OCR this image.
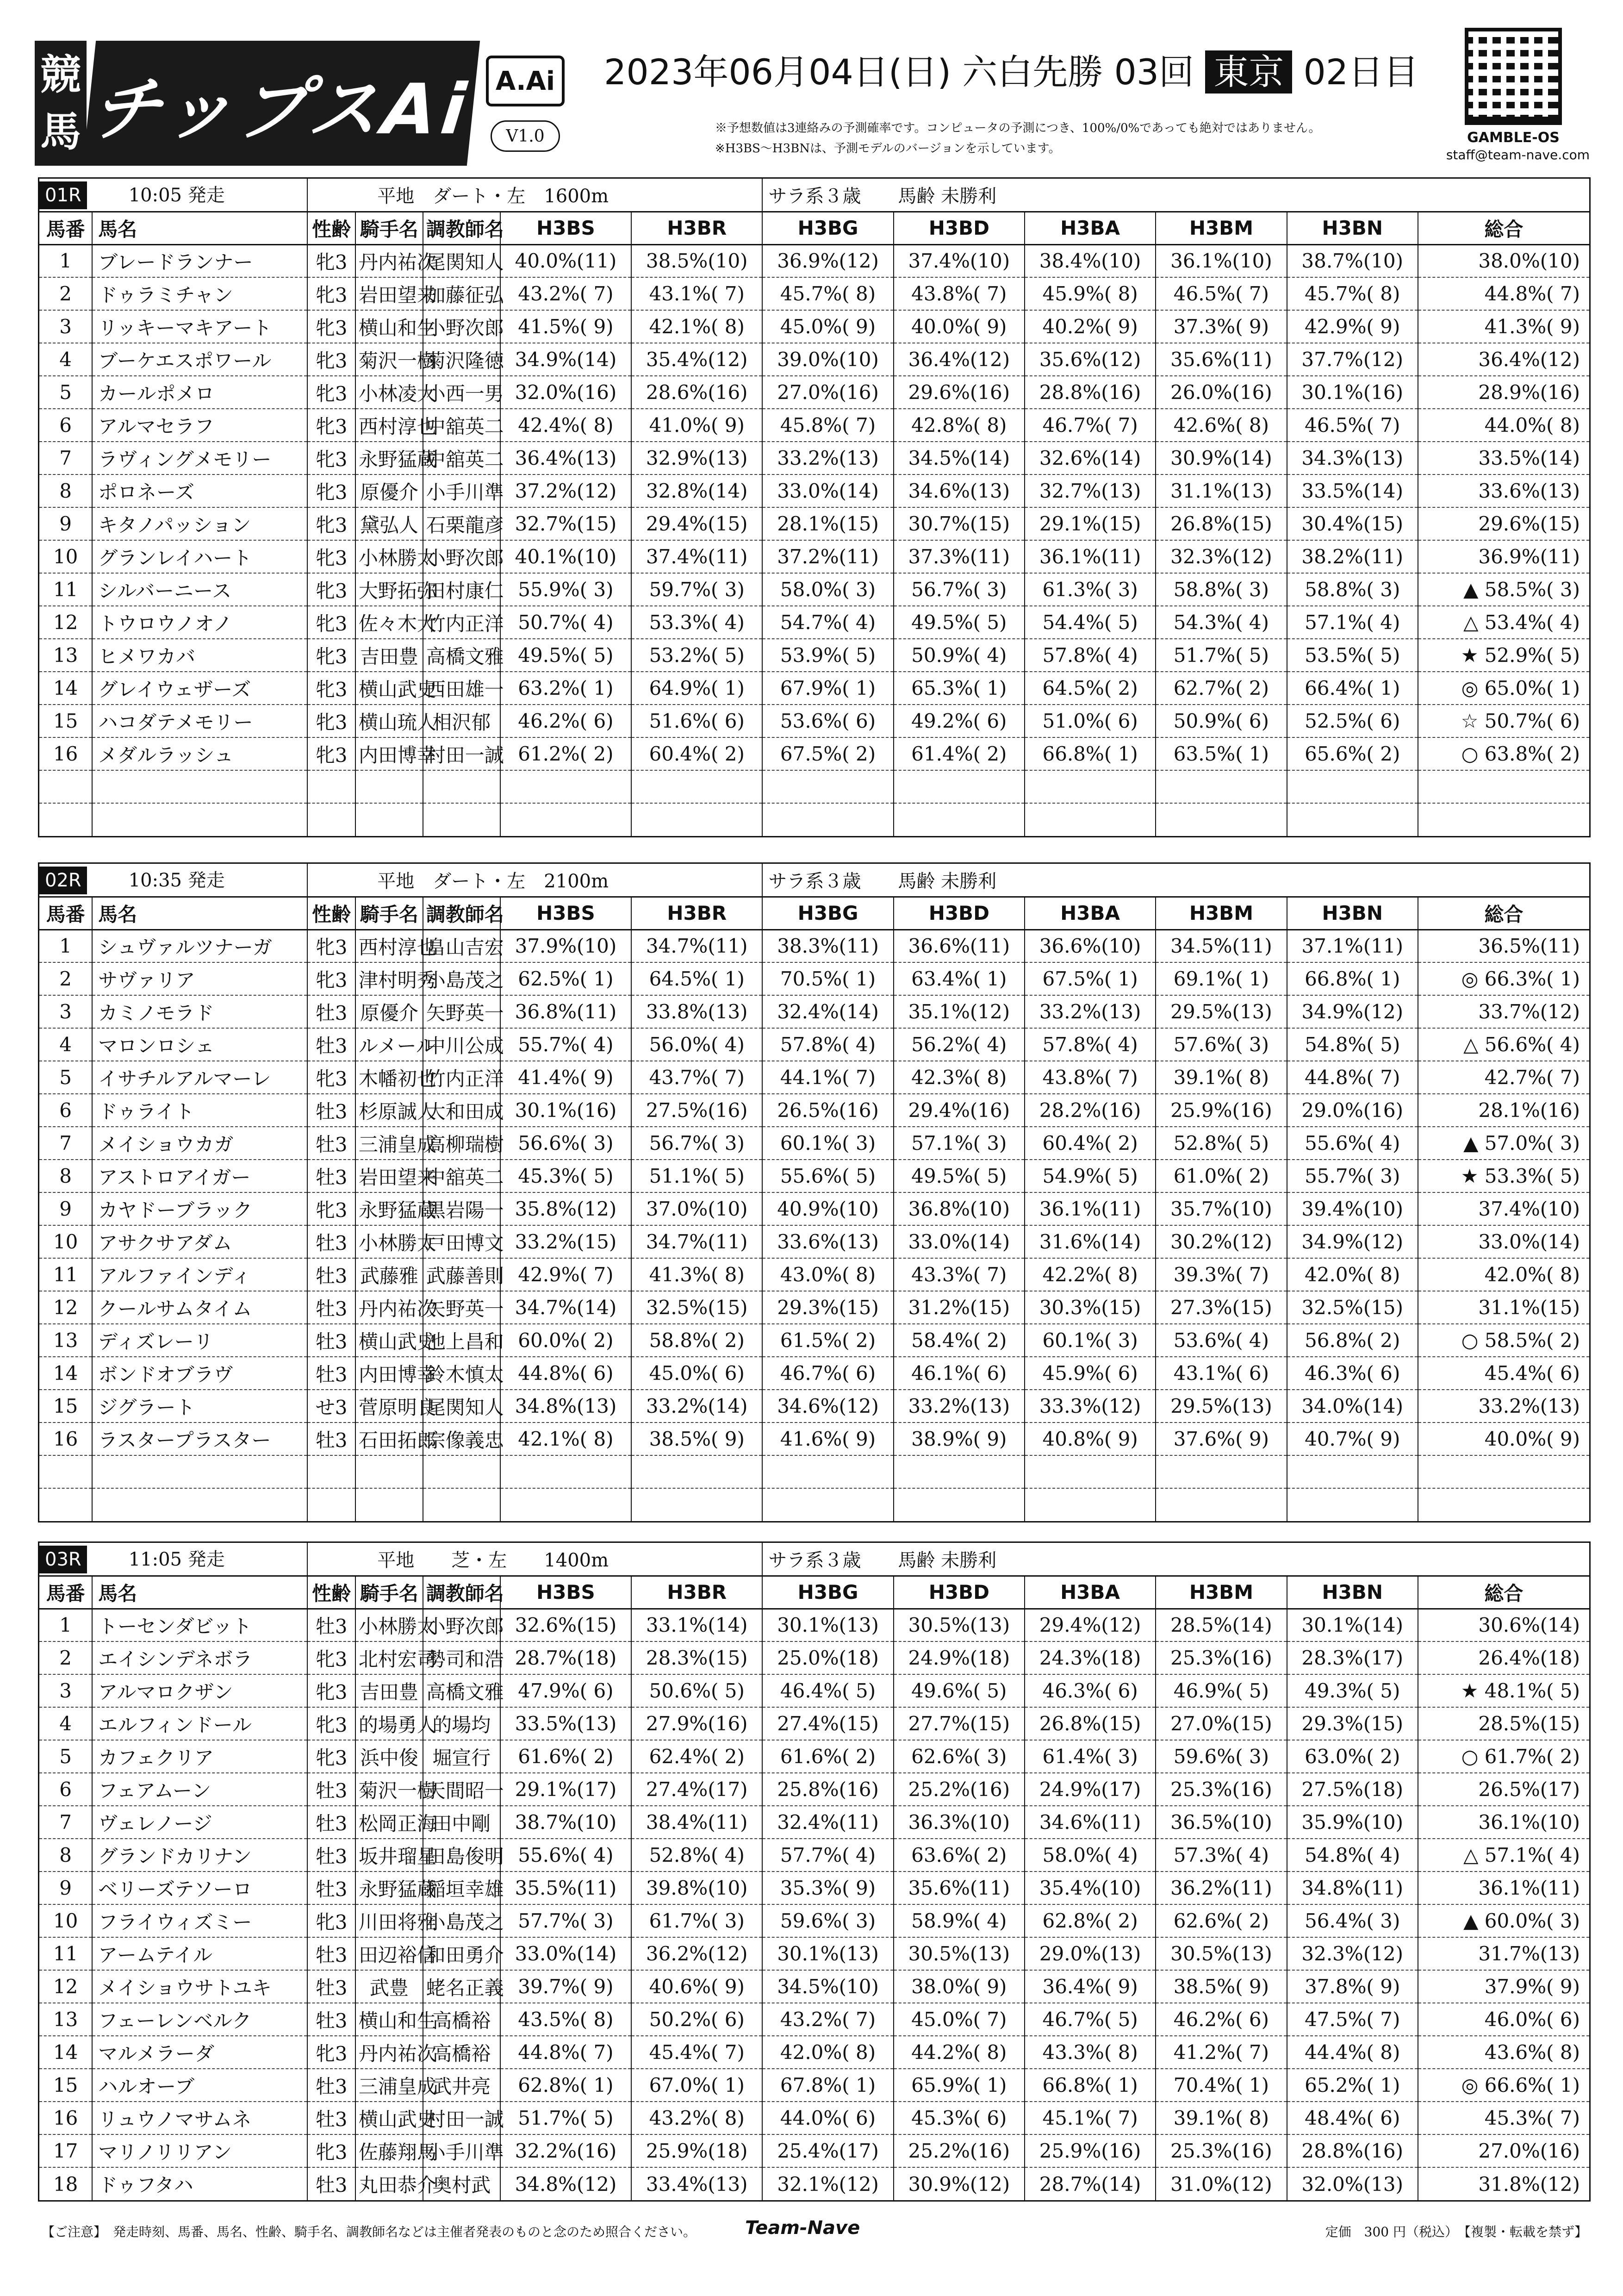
競
馬 チップスAi A.Ai
V1.0
2023年06月04日(日) 六白先勝 03回 東京 02日目
※予想数値は3連絡みの予測確率です。コンピュータの予測につき、100%/0%であっても絶対ではありません。
※H3BS〜H3BNは、予測モデルのバージョンを示しています。
GAMBLE-OS
staff@team-nave.com
01R 10:05 発走		平地　ダート・左　1600m					サラ系３歳　　馬齢 未勝利					
馬番	馬名	性齢	騎手名	調教師名	H3BS	H3BR	H3BG	H3BD	H3BA	H3BM	H3BN	総合
1	ブレードランナー	牝3	丹内祐次	尾関知人	40.0%(11)	38.5%(10)	36.9%(12)	37.4%(10)	38.4%(10)	36.1%(10)	38.7%(10)	38.0%(10)
2	ドゥラミチャン	牝3	岩田望来	加藤征弘	43.2%( 7)	43.1%( 7)	45.7%( 8)	43.8%( 7)	45.9%( 8)	46.5%( 7)	45.7%( 8)	44.8%( 7)
3	リッキーマキアート	牝3	横山和生	小野次郎	41.5%( 9)	42.1%( 8)	45.0%( 9)	40.0%( 9)	40.2%( 9)	37.3%( 9)	42.9%( 9)	41.3%( 9)
4	ブーケエスポワール	牝3	菊沢一樹	菊沢隆徳	34.9%(14)	35.4%(12)	39.0%(10)	36.4%(12)	35.6%(12)	35.6%(11)	37.7%(12)	36.4%(12)
5	カールポメロ	牝3	小林凌大	小西一男	32.0%(16)	28.6%(16)	27.0%(16)	29.6%(16)	28.8%(16)	26.0%(16)	30.1%(16)	28.9%(16)
6	アルマセラフ	牝3	西村淳也	中舘英二	42.4%( 8)	41.0%( 9)	45.8%( 7)	42.8%( 8)	46.7%( 7)	42.6%( 8)	46.5%( 7)	44.0%( 8)
7	ラヴィングメモリー	牝3	永野猛蔵	中舘英二	36.4%(13)	32.9%(13)	33.2%(13)	34.5%(14)	32.6%(14)	30.9%(14)	34.3%(13)	33.5%(14)
8	ポロネーズ	牝3	原優介	小手川準	37.2%(12)	32.8%(14)	33.0%(14)	34.6%(13)	32.7%(13)	31.1%(13)	33.5%(14)	33.6%(13)
9	キタノパッション	牝3	黛弘人	石栗龍彦	32.7%(15)	29.4%(15)	28.1%(15)	30.7%(15)	29.1%(15)	26.8%(15)	30.4%(15)	29.6%(15)
10	グランレイハート	牝3	小林勝太	小野次郎	40.1%(10)	37.4%(11)	37.2%(11)	37.3%(11)	36.1%(11)	32.3%(12)	38.2%(11)	36.9%(11)
11	シルバーニース	牝3	大野拓弥	田村康仁	55.9%( 3)	59.7%( 3)	58.0%( 3)	56.7%( 3)	61.3%( 3)	58.8%( 3)	58.8%( 3)	▲ 58.5%( 3)
12	トウロウノオノ	牝3	佐々木大	竹内正洋	50.7%( 4)	53.3%( 4)	54.7%( 4)	49.5%( 5)	54.4%( 5)	54.3%( 4)	57.1%( 4)	△ 53.4%( 4)
13	ヒメワカバ	牝3	吉田豊	高橋文雅	49.5%( 5)	53.2%( 5)	53.9%( 5)	50.9%( 4)	57.8%( 4)	51.7%( 5)	53.5%( 5)	★ 52.9%( 5)
14	グレイウェザーズ	牝3	横山武史	西田雄一	63.2%( 1)	64.9%( 1)	67.9%( 1)	65.3%( 1)	64.5%( 2)	62.7%( 2)	66.4%( 1)	◎ 65.0%( 1)
15	ハコダテメモリー	牝3	横山琉人	相沢郁	46.2%( 6)	51.6%( 6)	53.6%( 6)	49.2%( 6)	51.0%( 6)	50.9%( 6)	52.5%( 6)	☆ 50.7%( 6)
16	メダルラッシュ	牝3	内田博幸	村田一誠	61.2%( 2)	60.4%( 2)	67.5%( 2)	61.4%( 2)	66.8%( 1)	63.5%( 1)	65.6%( 2)	○ 63.8%( 2)

02R 10:35 発走		平地　ダート・左　2100m					サラ系３歳　　馬齢 未勝利					
馬番	馬名	性齢	騎手名	調教師名	H3BS	H3BR	H3BG	H3BD	H3BA	H3BM	H3BN	総合
1	シュヴァルツナーガ	牝3	西村淳也	畠山吉宏	37.9%(10)	34.7%(11)	38.3%(11)	36.6%(11)	36.6%(10)	34.5%(11)	37.1%(11)	36.5%(11)
2	サヴァリア	牝3	津村明秀	小島茂之	62.5%( 1)	64.5%( 1)	70.5%( 1)	63.4%( 1)	67.5%( 1)	69.1%( 1)	66.8%( 1)	◎ 66.3%( 1)
3	カミノモラド	牡3	原優介	矢野英一	36.8%(11)	33.8%(13)	32.4%(14)	35.1%(12)	33.2%(13)	29.5%(13)	34.9%(12)	33.7%(12)
4	マロンロシェ	牡3	ルメール	中川公成	55.7%( 4)	56.0%( 4)	57.8%( 4)	56.2%( 4)	57.8%( 4)	57.6%( 3)	54.8%( 5)	△ 56.6%( 4)
5	イサチルアルマーレ	牝3	木幡初也	竹内正洋	41.4%( 9)	43.7%( 7)	44.1%( 7)	42.3%( 8)	43.8%( 7)	39.1%( 8)	44.8%( 7)	42.7%( 7)
6	ドゥライト	牡3	杉原誠人	大和田成	30.1%(16)	27.5%(16)	26.5%(16)	29.4%(16)	28.2%(16)	25.9%(16)	29.0%(16)	28.1%(16)
7	メイショウカガ	牡3	三浦皇成	高柳瑞樹	56.6%( 3)	56.7%( 3)	60.1%( 3)	57.1%( 3)	60.4%( 2)	52.8%( 5)	55.6%( 4)	▲ 57.0%( 3)
8	アストロアイガー	牡3	岩田望来	中舘英二	45.3%( 5)	51.1%( 5)	55.6%( 5)	49.5%( 5)	54.9%( 5)	61.0%( 2)	55.7%( 3)	★ 53.3%( 5)
9	カヤドーブラック	牝3	永野猛蔵	黒岩陽一	35.8%(12)	37.0%(10)	40.9%(10)	36.8%(10)	36.1%(11)	35.7%(10)	39.4%(10)	37.4%(10)
10	アサクサアダム	牡3	小林勝太	戸田博文	33.2%(15)	34.7%(11)	33.6%(13)	33.0%(14)	31.6%(14)	30.2%(12)	34.9%(12)	33.0%(14)
11	アルファインディ	牡3	武藤雅	武藤善則	42.9%( 7)	41.3%( 8)	43.0%( 8)	43.3%( 7)	42.2%( 8)	39.3%( 7)	42.0%( 8)	42.0%( 8)
12	クールサムタイム	牡3	丹内祐次	矢野英一	34.7%(14)	32.5%(15)	29.3%(15)	31.2%(15)	30.3%(15)	27.3%(15)	32.5%(15)	31.1%(15)
13	ディズレーリ	牡3	横山武史	池上昌和	60.0%( 2)	58.8%( 2)	61.5%( 2)	58.4%( 2)	60.1%( 3)	53.6%( 4)	56.8%( 2)	○ 58.5%( 2)
14	ボンドオブラヴ	牡3	内田博幸	鈴木慎太	44.8%( 6)	45.0%( 6)	46.7%( 6)	46.1%( 6)	45.9%( 6)	43.1%( 6)	46.3%( 6)	45.4%( 6)
15	ジグラート	せ3	菅原明良	尾関知人	34.8%(13)	33.2%(14)	34.6%(12)	33.2%(13)	33.3%(12)	29.5%(13)	34.0%(14)	33.2%(13)
16	ラスタープラスター	牡3	石田拓郎	宗像義忠	42.1%( 8)	38.5%( 9)	41.6%( 9)	38.9%( 9)	40.8%( 9)	37.6%( 9)	40.7%( 9)	40.0%( 9)

03R 11:05 発走		平地　　芝・左　　1400m					サラ系３歳　　馬齢 未勝利					
馬番	馬名	性齢	騎手名	調教師名	H3BS	H3BR	H3BG	H3BD	H3BA	H3BM	H3BN	総合
1	トーセンダビット	牡3	小林勝太	小野次郎	32.6%(15)	33.1%(14)	30.1%(13)	30.5%(13)	29.4%(12)	28.5%(14)	30.1%(14)	30.6%(14)
2	エイシンデネボラ	牝3	北村宏司	勢司和浩	28.7%(18)	28.3%(15)	25.0%(18)	24.9%(18)	24.3%(18)	25.3%(16)	28.3%(17)	26.4%(18)
3	アルマロクザン	牝3	吉田豊	高橋文雅	47.9%( 6)	50.6%( 5)	46.4%( 5)	49.6%( 5)	46.3%( 6)	46.9%( 5)	49.3%( 5)	★ 48.1%( 5)
4	エルフィンドール	牝3	的場勇人	的場均	33.5%(13)	27.9%(16)	27.4%(15)	27.7%(15)	26.8%(15)	27.0%(15)	29.3%(15)	28.5%(15)
5	カフェクリア	牝3	浜中俊	堀宣行	61.6%( 2)	62.4%( 2)	61.6%( 2)	62.6%( 3)	61.4%( 3)	59.6%( 3)	63.0%( 2)	○ 61.7%( 2)
6	フェアムーン	牡3	菊沢一樹	天間昭一	29.1%(17)	27.4%(17)	25.8%(16)	25.2%(16)	24.9%(17)	25.3%(16)	27.5%(18)	26.5%(17)
7	ヴェレノージ	牡3	松岡正海	田中剛	38.7%(10)	38.4%(11)	32.4%(11)	36.3%(10)	34.6%(11)	36.5%(10)	35.9%(10)	36.1%(10)
8	グランドカリナン	牡3	坂井瑠星	田島俊明	55.6%( 4)	52.8%( 4)	57.7%( 4)	63.6%( 2)	58.0%( 4)	57.3%( 4)	54.8%( 4)	△ 57.1%( 4)
9	ベリーズテソーロ	牡3	永野猛蔵	稲垣幸雄	35.5%(11)	39.8%(10)	35.3%( 9)	35.6%(11)	35.4%(10)	36.2%(11)	34.8%(11)	36.1%(11)
10	フライウィズミー	牝3	川田将雅	小島茂之	57.7%( 3)	61.7%( 3)	59.6%( 3)	58.9%( 4)	62.8%( 2)	62.6%( 2)	56.4%( 3)	▲ 60.0%( 3)
11	アームテイル	牡3	田辺裕信	和田勇介	33.0%(14)	36.2%(12)	30.1%(13)	30.5%(13)	29.0%(13)	30.5%(13)	32.3%(12)	31.7%(13)
12	メイショウサトユキ	牡3	武豊	蛯名正義	39.7%( 9)	40.6%( 9)	34.5%(10)	38.0%( 9)	36.4%( 9)	38.5%( 9)	37.8%( 9)	37.9%( 9)
13	フェーレンベルク	牡3	横山和生	高橋裕	43.5%( 8)	50.2%( 6)	43.2%( 7)	45.0%( 7)	46.7%( 5)	46.2%( 6)	47.5%( 7)	46.0%( 6)
14	マルメラーダ	牝3	丹内祐次	高橋裕	44.8%( 7)	45.4%( 7)	42.0%( 8)	44.2%( 8)	43.3%( 8)	41.2%( 7)	44.4%( 8)	43.6%( 8)
15	ハルオーブ	牡3	三浦皇成	武井亮	62.8%( 1)	67.0%( 1)	67.8%( 1)	65.9%( 1)	66.8%( 1)	70.4%( 1)	65.2%( 1)	◎ 66.6%( 1)
16	リュウノマサムネ	牡3	横山武史	村田一誠	51.7%( 5)	43.2%( 8)	44.0%( 6)	45.3%( 6)	45.1%( 7)	39.1%( 8)	48.4%( 6)	45.3%( 7)
17	マリノリリアン	牝3	佐藤翔馬	小手川準	32.2%(16)	25.9%(18)	25.4%(17)	25.2%(16)	25.9%(16)	25.3%(16)	28.8%(16)	27.0%(16)
18	ドゥフタハ	牡3	丸田恭介	奥村武	34.8%(12)	33.4%(13)	32.1%(12)	30.9%(12)	28.7%(14)	31.0%(12)	32.0%(13)	31.8%(12)
【ご注意】　発走時刻、馬番、馬名、性齢、騎手名、調教師名などは主催者発表のものと念のため照合ください。	Team-Nave	定価　300 円（税込）　【複製・転載を禁ず】
